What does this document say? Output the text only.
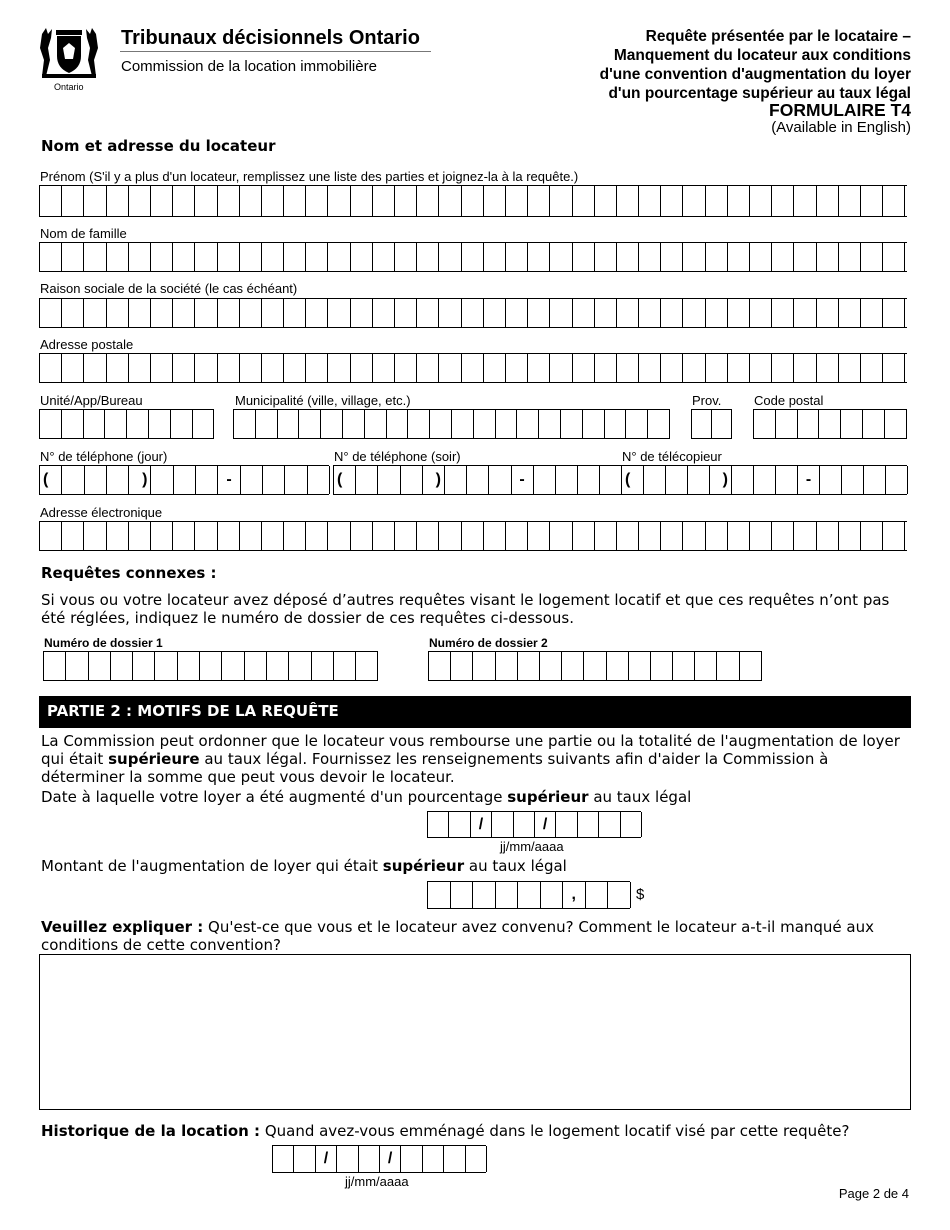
Ontario
Tribunaux décisionnels Ontario
Commission de la location immobilière
Requête présentée par le locataire –
Manquement du locateur aux conditions
d'une convention d'augmentation du loyer
d'un pourcentage supérieur au taux légal
FORMULAIRE T4
(Available in English)
Nom et adresse du locateur
Prénom (S'il y a plus d'un locateur, remplissez une liste des parties et joignez-la à la requête.)
Nom de famille
Raison sociale de la société (le cas échéant)
Adresse postale
Unité/App/Bureau	Municipalité (ville, village, etc.)	Prov.	Code postal
N° de téléphone (jour)
(	)	-
N° de téléphone (soir)
(	)	-
N° de télécopieur
(	)	-
Adresse électronique
Requêtes connexes :
Si vous ou votre locateur avez déposé d’autres requêtes visant le logement locatif et que ces requêtes n’ont pas été réglées, indiquez le numéro de dossier de ces requêtes ci-dessous.
Numéro de dossier 1	Numéro de dossier 2
PARTIE 2 : MOTIFS DE LA REQUÊTE
La Commission peut ordonner que le locateur vous rembourse une partie ou la totalité de l'augmentation de loyer qui était supérieure au taux légal. Fournissez les renseignements suivants afin d'aider la Commission à déterminer la somme que peut vous devoir le locateur.
Date à laquelle votre loyer a été augmenté d'un pourcentage supérieur au taux légal
/	/
jj/mm/aaaa
Montant de l'augmentation de loyer qui était supérieur au taux légal
,	$
Veuillez expliquer : Qu'est-ce que vous et le locateur avez convenu? Comment le locateur a-t-il manqué aux conditions de cette convention?
Historique de la location : Quand avez-vous emménagé dans le logement locatif visé par cette requête?
/	/
jj/mm/aaaa
Page 2 de 4
